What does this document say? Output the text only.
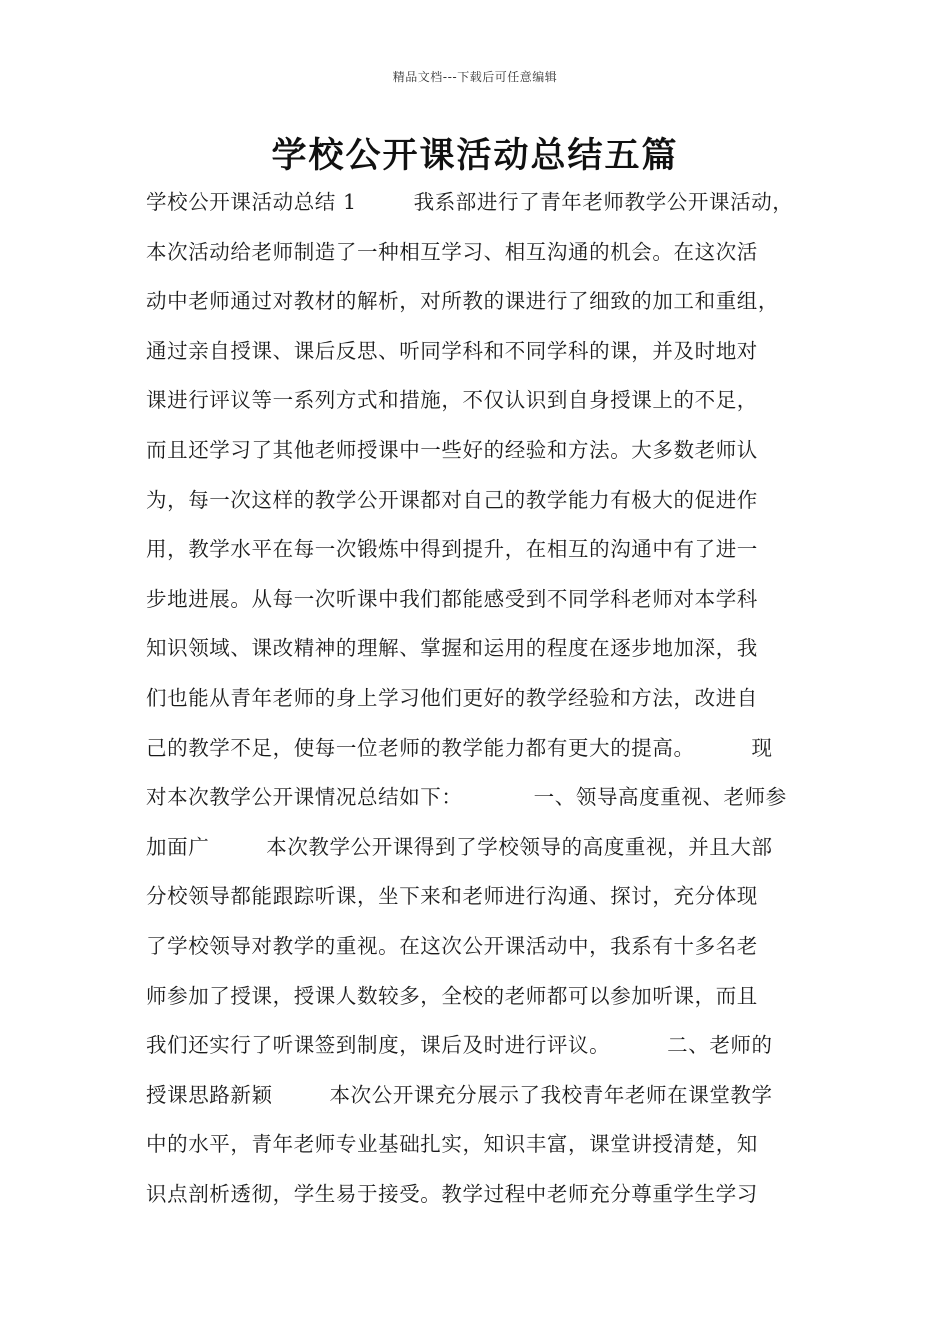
精品文档---下载后可任意编辑
学校公开课活动总结五篇
学校公开课活动总结 1        我系部进行了青年老师教学公开课活动，
本次活动给老师制造了一种相互学习、相互沟通的机会。在这次活
动中老师通过对教材的解析，对所教的课进行了细致的加工和重组，
通过亲自授课、课后反思、听同学科和不同学科的课，并及时地对
课进行评议等一系列方式和措施，不仅认识到自身授课上的不足，
而且还学习了其他老师授课中一些好的经验和方法。大多数老师认
为，每一次这样的教学公开课都对自己的教学能力有极大的促进作
用，教学水平在每一次锻炼中得到提升，在相互的沟通中有了进一
步地进展。从每一次听课中我们都能感受到不同学科老师对本学科
知识领域、课改精神的理解、掌握和运用的程度在逐步地加深，我
们也能从青年老师的身上学习他们更好的教学经验和方法，改进自
己的教学不足，使每一位老师的教学能力都有更大的提高。        现
对本次教学公开课情况总结如下：          一、领导高度重视、老师参
加面广        本次教学公开课得到了学校领导的高度重视，并且大部
分校领导都能跟踪听课，坐下来和老师进行沟通、探讨，充分体现
了学校领导对教学的重视。在这次公开课活动中，我系有十多名老
师参加了授课，授课人数较多，全校的老师都可以参加听课，而且
我们还实行了听课签到制度，课后及时进行评议。        二、老师的
授课思路新颖        本次公开课充分展示了我校青年老师在课堂教学
中的水平，青年老师专业基础扎实，知识丰富，课堂讲授清楚，知
识点剖析透彻，学生易于接受。教学过程中老师充分尊重学生学习
